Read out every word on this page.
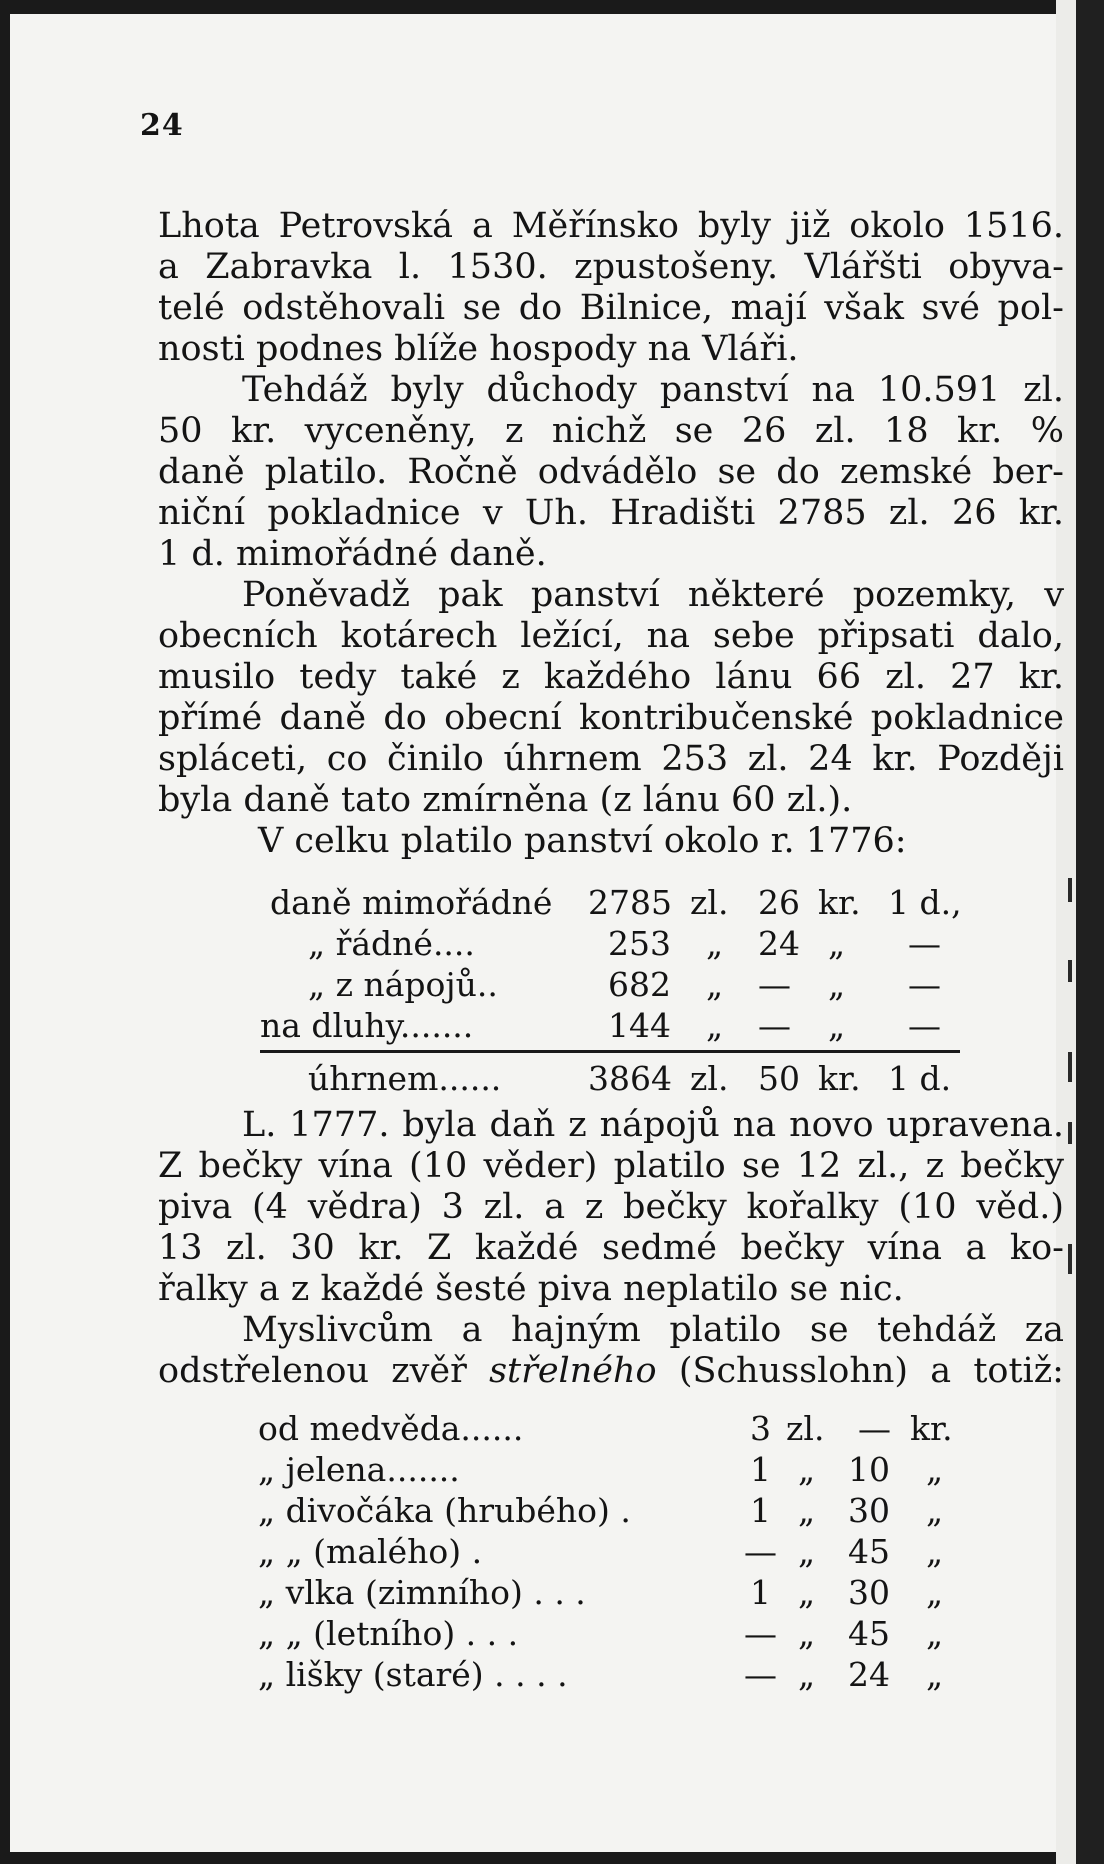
24
Lhota Petrovská a Měřínsko byly již okolo 1516.
a Zabravka l. 1530. zpustošeny. Vlářšti obyva-
telé odstěhovali se do Bilnice, mají však své pol-
nosti podnes blíže hospody na Vláři.
Tehdáž byly důchody panství na 10.591 zl.
50 kr. vyceněny, z nichž se 26 zl. 18 kr. %
daně platilo. Ročně odvádělo se do zemské ber-
niční pokladnice v Uh. Hradišti 2785 zl. 26 kr.
1 d. mimořádné daně.
Poněvadž pak panství některé pozemky, v
obecních kotárech ležící, na sebe připsati dalo,
musilo tedy také z každého lánu 66 zl. 27 kr.
přímé daně do obecní kontribučenské pokladnice
spláceti, co činilo úhrnem 253 zl. 24 kr. Později
byla daně tato zmírněna (z lánu 60 zl.).
V celku platilo panství okolo r. 1776:
daně mimořádné 2785 zl. 26 kr. 1 d.,
„ řádné....	253 „ 24 „ —
„ z nápojů..	682 „ — „ —
na dluhy.......	144 „ — „ —
úhrnem......	3864 zl. 50 kr. 1 d.
L. 1777. byla daň z nápojů na novo upravena.
Z bečky vína (10 věder) platilo se 12 zl., z bečky
piva (4 vědra) 3 zl. a z bečky kořalky (10 věd.)
13 zl. 30 kr. Z každé sedmé bečky vína a ko-
řalky a z každé šesté piva neplatilo se nic.
Myslivcům a hajným platilo se tehdáž za
odstřelenou zvěř střelného (Schusslohn) a totiž:
od medvěda......	3 zl. — kr.
„ jelena.......	1 „ 10 „
„ divočáka (hrubého) .	1 „ 30 „
„ „ (malého) .	— „ 45 „
„ vlka (zimního) . . .	1 „ 30 „
„ „ (letního) . . .	— „ 45 „
„ lišky (staré) . . . .	— „ 24 „
